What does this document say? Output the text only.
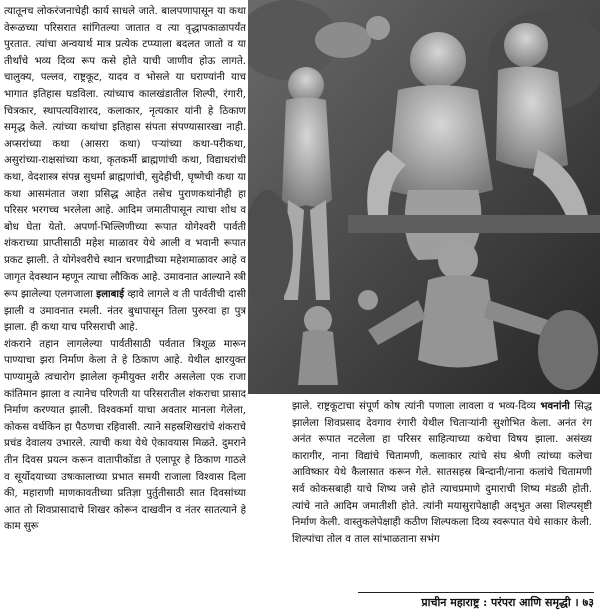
त्यातूनच लोकरंजनाचेही कार्य साधले जाते. बालपणापासून या कथा वेरूळच्या परिसरात सांगितल्या जातात व त्या वृद्धापकाळापर्यंत पुरतात. त्यांचा अन्वयार्थ मात्र प्रत्येक टप्प्याला बदलत जातो व या तीर्थांचे भव्य दिव्य रूप कसे होते याची जाणीव होऊ लागते. चालुक्य, पल्लव, राष्ट्रकूट, यादव व भोसले या घराण्यांनी याच भागात इतिहास घडविला. त्यांच्याच कालखंडातील शिल्पी, रंगारी, चित्रकार, स्थापत्यविशारद, कलाकार, नृत्यकार यांनी हे ठिकाण समृद्ध केले. त्यांच्या कथांचा इतिहास संपता संपण्यासारखा नाही. अप्सरांच्या कथा (आसरा कथा) पऱ्यांच्या कथा-परीकथा, असुरांच्या-राक्षसांच्या कथा, कृतकर्मी ब्राह्मणांची कथा, विद्याधरांची कथा, वेदशास्त्र संपन्न सुधर्मा ब्राह्मणांची, सुदेहीची, घृष्णेची कथा या कथा आसमंतात जशा प्रसिद्ध आहेत तसेच पुराणकथांनीही हा परिसर भरगच्च भरलेला आहे. आदिम जमातीपासून त्याचा शोध व बोध घेता येतो. अपर्णा-भिल्लिणीच्या रूपात योगेश्वरी पार्वती शंकराच्या प्राप्तीसाठी महेश माळावर येथे आली व भवानी रूपात प्रकट झाली. ते योगेश्वरीचे स्थान चरणाद्रीच्या महेशमाळावर आहे व जागृत देवस्थान म्हणून त्याचा लौकिक आहे. उमावनात आल्याने स्त्री रूप झालेल्या एलगजाला इलाबाई व्हावे लागले व ती पार्वतीची दासी झाली व उमावनात रमली. नंतर बुधापासून तिला पुरुरवा हा पुत्र झाला. ही कथा याच परिसराची आहे.

शंकराने तहान लागलेल्या पार्वतीसाठी पर्वतात त्रिशूळ मारून पाण्याचा झरा निर्माण केला ते हे ठिकाण आहे. येथील क्षारयुक्त पाण्यामुळे त्वचारोग झालेला कृमीयुक्त शरीर असलेला एक राजा कांतिमान झाला व त्यानेच परिणती या परिसरातील शंकराचा प्रासाद निर्माण करण्यात झाली. विश्वकर्मा याचा अवतार मानला गेलेला, कोकस वर्धकिन हा पैठणचा रहिवासी. त्याने सहस्रशिखरांचे शंकराचे प्रचंड देवालय उभारले. त्याची कथा येथे ऐकावयास मिळते. दुमराने तीन दिवस प्रयत्न करून वातापीकोंडा ते एलापूर हे ठिकाण गाठले व सूर्योदयाच्या उषःकालाच्या प्रभात समयी राजाला विश्वास दिला की, महाराणी माणकावतीच्या प्रतिज्ञा पुर्तुतीसाठी सात दिवसांच्या आत तो शिवप्रासादाचे शिखर कोरून दाखवीन व नंतर सातत्याने हे काम सुरू

झाले. राष्ट्रकूटाचा संपूर्ण कोष त्यांनी पणाला लावला व भव्य-दिव्य भवनांनी सिद्ध झालेला शिवप्रसाद देवगाव रंगारी येथील चिताऱ्यांनी सुशोभित केला. अनंत रंग अनंत रूपात नटलेला हा परिसर साहित्याच्या कथेचा विषय झाला. असंख्य कारागीर, नाना विद्यांचे चितामणी, कलाकार त्यांचे संघ श्रेणी त्यांच्या कलेचा आविष्कार येथे कैलासात करून गेले. सातसहस्र बिन्दानी/नाना कलांचे चितामणी सर्व कोकसबाही याचे शिष्य जसे होते त्याचप्रमाणे दुमाराची शिष्य मंडळी होती. त्यांचे नाते आदिम जमातीशी होते. त्यांनी मयासुरापेक्षाही अद्‌भुत असा शिल्पसृष्टी निर्माण केली. वास्तुकलेपेक्षाही कठीण शिल्पकला दिव्य स्वरूपात येथे साकार केली. शिल्पांचा तोल व ताल सांभाळताना सभंग

प्राचीन महाराष्ट्र : परंपरा आणि समृद्धी । ७३
